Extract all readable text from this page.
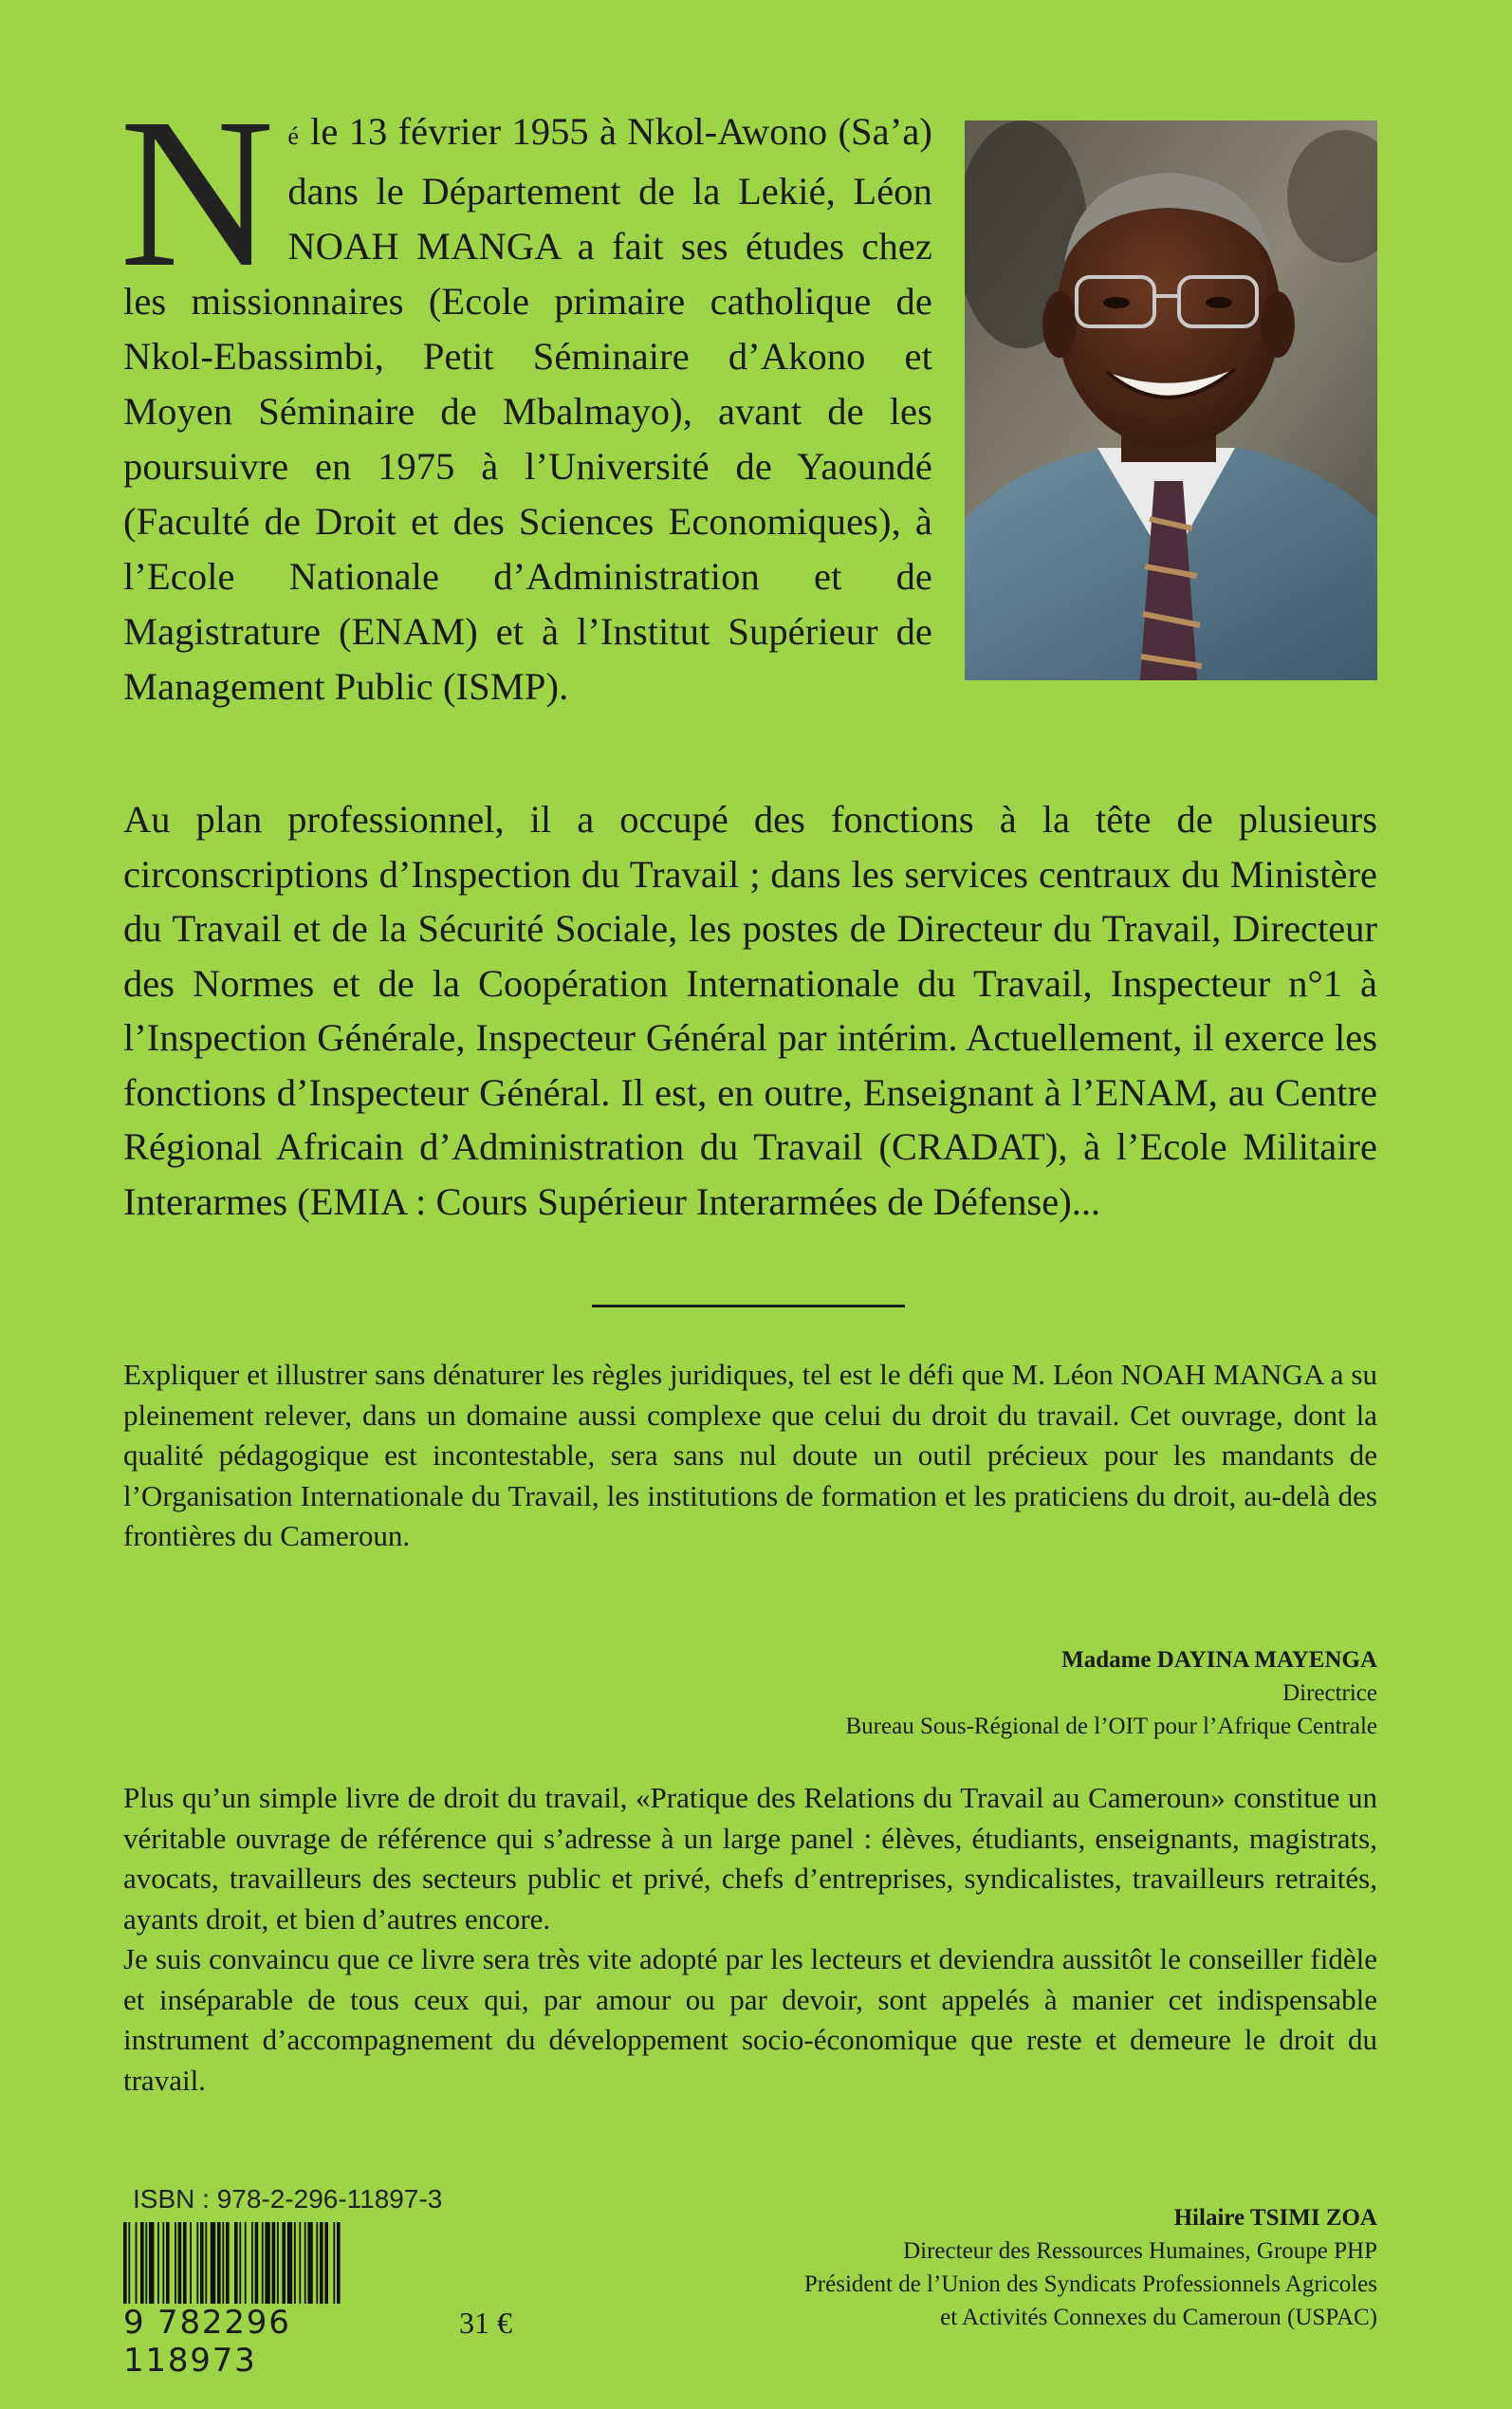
Né le 13 février 1955 à Nkol-Awono (Sa’a) dans le Département de la Lekié, Léon NOAH MANGA a fait ses études chez les missionnaires (Ecole primaire catholique de Nkol-Ebassimbi, Petit Séminaire d’Akono et Moyen Séminaire de Mbalmayo), avant de les poursuivre en 1975 à l’Université de Yaoundé (Faculté de Droit et des Sciences Economiques), à l’Ecole Nationale d’Administration et de Magistrature (ENAM) et à l’Institut Supérieur de Management Public (ISMP).

Au plan professionnel, il a occupé des fonctions à la tête de plusieurs circonscriptions d’Inspection du Travail ; dans les services centraux du Ministère du Travail et de la Sécurité Sociale, les postes de Directeur du Travail, Directeur des Normes et de la Coopération Internationale du Travail, Inspecteur n°1 à l’Inspection Générale, Inspecteur Général par intérim. Actuellement, il exerce les fonctions d’Inspecteur Général. Il est, en outre, Enseignant à l’ENAM, au Centre Régional Africain d’Administration du Travail (CRADAT), à l’Ecole Militaire Interarmes (EMIA : Cours Supérieur Interarmées de Défense)...

Expliquer et illustrer sans dénaturer les règles juridiques, tel est le défi que M. Léon NOAH MANGA a su pleinement relever, dans un domaine aussi complexe que celui du droit du travail. Cet ouvrage, dont la qualité pédagogique est incontestable, sera sans nul doute un outil précieux pour les mandants de l’Organisation Internationale du Travail, les institutions de formation et les praticiens du droit, au-delà des frontières du Cameroun.

Madame DAYINA MAYENGA
Directrice
Bureau Sous-Régional de l’OIT pour l’Afrique Centrale

Plus qu’un simple livre de droit du travail, «Pratique des Relations du Travail au Cameroun» constitue un véritable ouvrage de référence qui s’adresse à un large panel : élèves, étudiants, enseignants, magistrats, avocats, travailleurs des secteurs public et privé, chefs d’entreprises, syndicalistes, travailleurs retraités, ayants droit, et bien d’autres encore.

Je suis convaincu que ce livre sera très vite adopté par les lecteurs et deviendra aussitôt le conseiller fidèle et inséparable de tous ceux qui, par amour ou par devoir, sont appelés à manier cet indispensable instrument d’accompagnement du développement socio-économique que reste et demeure le droit du travail.

Hilaire TSIMI ZOA
Directeur des Ressources Humaines, Groupe PHP
Président de l’Union des Syndicats Professionnels Agricoles
et Activités Connexes du Cameroun (USPAC)
ISBN : 978-2-296-11897-3
9 782296 118973
31 €
